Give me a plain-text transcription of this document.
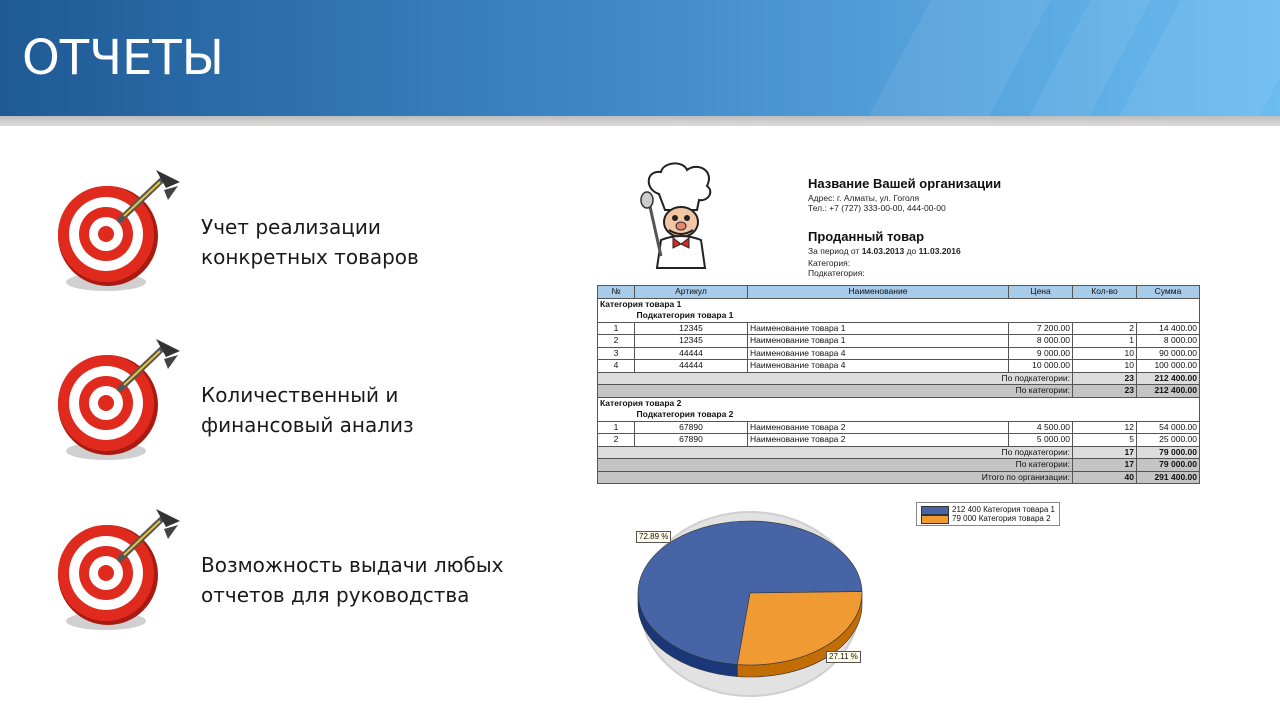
ОТЧЕТЫ
Учет реализации
конкретных товаров
Количественный и
финансовый анализ
Возможность выдачи любых
отчетов для руководства
Название Вашей организации
Адрес: г. Алматы, ул. Гоголя
Тел.: +7 (727) 333-00-00, 444-00-00
Проданный товар
За период от 14.03.2013 до 11.03.2016
Категория:
Подкатегория:
№	Артикул	Наименование	Цена	Кол-во	Сумма
Категория товара 1					
	Подкатегория товара 1				
1	12345	Наименование товара 1	7 200.00	2	14 400.00
2	12345	Наименование товара 1	8 000.00	1	8 000.00
3	44444	Наименование товара 4	9 000.00	10	90 000.00
4	44444	Наименование товара 4	10 000.00	10	100 000.00
По подкатегории:				23	212 400.00
По категории:				23	212 400.00
Категория товара 2					
	Подкатегория товара 2				
1	67890	Наименование товара 2	4 500.00	12	54 000.00
2	67890	Наименование товара 2	5 000.00	5	25 000.00
По подкатегории:				17	79 000.00
По категории:				17	79 000.00
Итого по организации:				40	291 400.00
212 400 Категория товара 1
79 000 Категория товара 2
72.89 %
27.11 %
